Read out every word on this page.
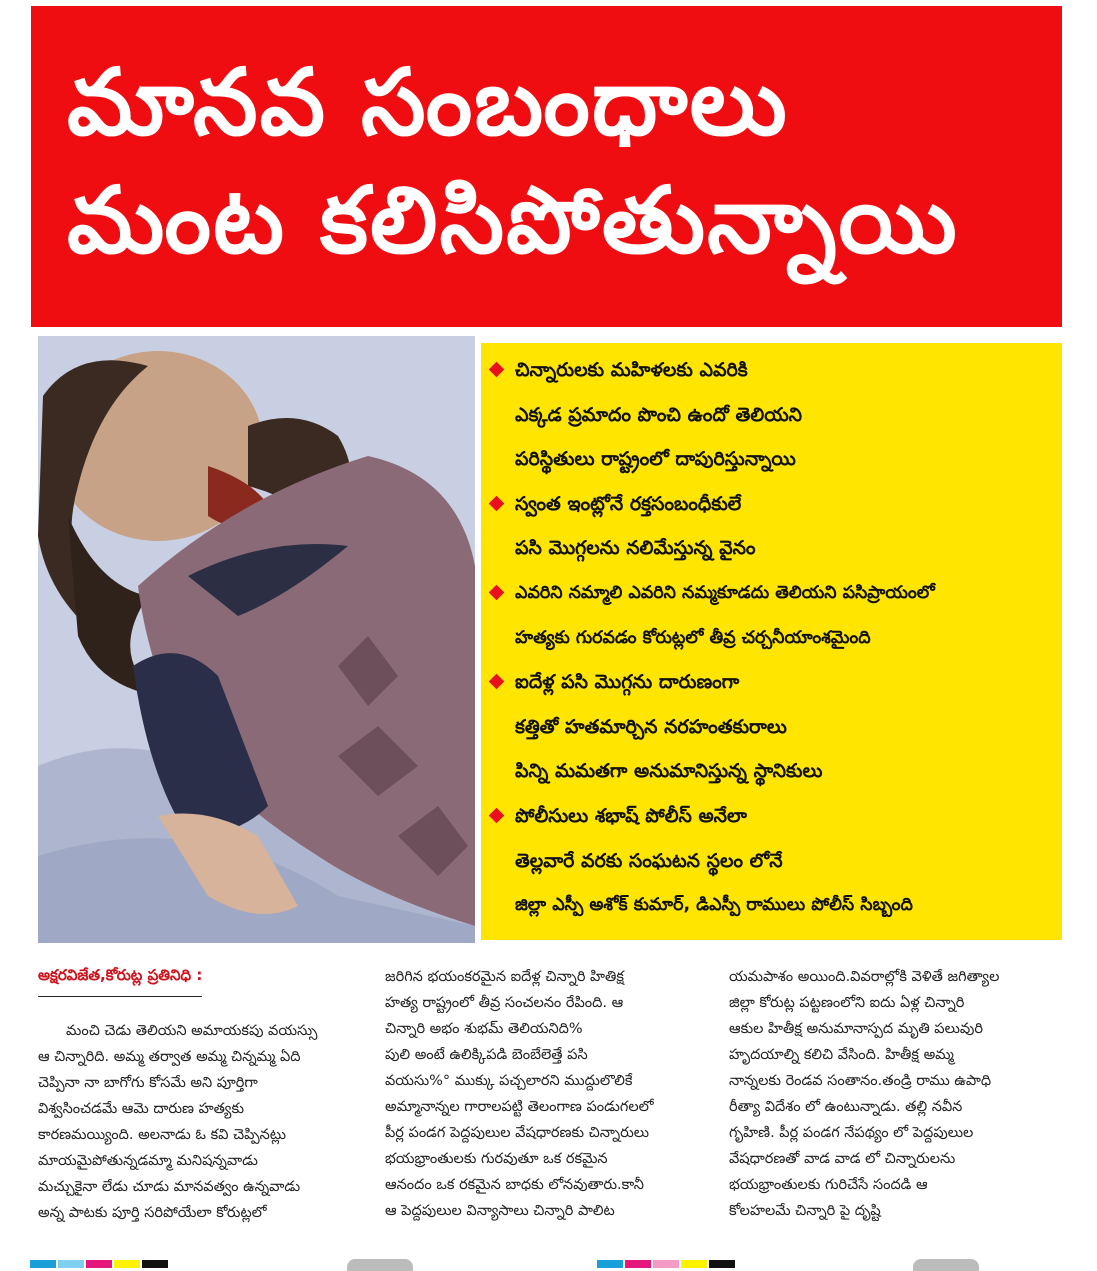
మానవ సంబంధాలు
మంట కలిసిపోతున్నాయి
చిన్నారులకు మహిళలకు ఎవరికి
ఎక్కడ ప్రమాదం పొంచి ఉందో తెలియని
పరిస్థితులు రాష్ట్రంలో దాపురిస్తున్నాయి
స్వంత ఇంట్లోనే రక్తసంబంధీకులే
పసి మొగ్గలను నలిమేస్తున్న వైనం
ఎవరిని నమ్మాలి ఎవరిని నమ్మకూడదు తెలియని పసిప్రాయంలో
హత్యకు గురవడం కోరుట్లలో తీవ్ర చర్చనీయాంశమైంది
ఐదేళ్ల పసి మొగ్గను దారుణంగా
కత్తితో హతమార్చిన నరహంతకురాలు
పిన్ని మమతగా అనుమానిస్తున్న స్థానికులు
పోలీసులు శభాష్ పోలీస్ అనేలా
తెల్లవారే వరకు సంఘటన స్థలం లోనే
జిల్లా ఎస్పీ అశోక్ కుమార్, డిఎస్పీ రాములు పోలీస్ సిబ్బంది
అక్షరవిజేత,కోరుట్ల ప్రతినిధి :

మంచి చెడు తెలియని అమాయకపు వయస్సు

ఆ చిన్నారిది. అమ్మ తర్వాత అమ్మ చిన్నమ్మ ఏది

చెప్పినా నా బాగోగు కోసమే అని పూర్తిగా

విశ్వసించడమే ఆమె దారుణ హత్యకు

కారణమయ్యింది. అలనాడు ఓ కవి చెప్పినట్లు

మాయమైపోతున్నడమ్మా మనిషన్నవాడు

మచ్చుకైనా లేడు చూడు మానవత్వం ఉన్నవాడు

అన్న పాటకు పూర్తి సరిపోయేలా కోరుట్లలో

జరిగిన భయంకరమైన ఐదేళ్ల చిన్నారి హితిక్ష

హత్య రాష్ట్రంలో తీవ్ర సంచలనం రేపింది. ఆ

చిన్నారి అభం శుభమ్ తెలియనిది%

పులి అంటే ఉలిక్కిపడి బెంబేలెత్తే పసి

వయసు%° ముక్కు పచ్చలారని ముద్దులొలికే

అమ్మానాన్నల గారాలపట్టి తెలంగాణ పండుగలలో

పీర్ల పండగ పెద్దపులుల వేషధారణకు చిన్నారులు

భయభ్రాంతులకు గురవుతూ ఒక రకమైన

ఆనందం ఒక రకమైన బాధకు లోనవుతారు.కానీ

ఆ పెద్దపులుల విన్యాసాలు చిన్నారి పాలిట

యమపాశం అయింది.వివరాల్లోకి వెళితే జగిత్యాల

జిల్లా కోరుట్ల పట్టణంలోని ఐదు ఏళ్ల చిన్నారి

ఆకుల హితీక్ష అనుమానాస్పద మృతి పలువురి

హృదయాల్ని కలిచి వేసింది. హితీక్ష అమ్మ

నాన్నలకు రెండవ సంతానం.తండ్రి రాము ఉపాధి

రీత్యా విదేశం లో ఉంటున్నాడు. తల్లి నవీన

గృహిణి. పీర్ల పండగ నేపథ్యం లో పెద్దపులుల

వేషధారణతో వాడ వాడ లో చిన్నారులను

భయభ్రాంతులకు గురిచేసే సందడి ఆ

కోలహలమే చిన్నారి పై దృష్టి
